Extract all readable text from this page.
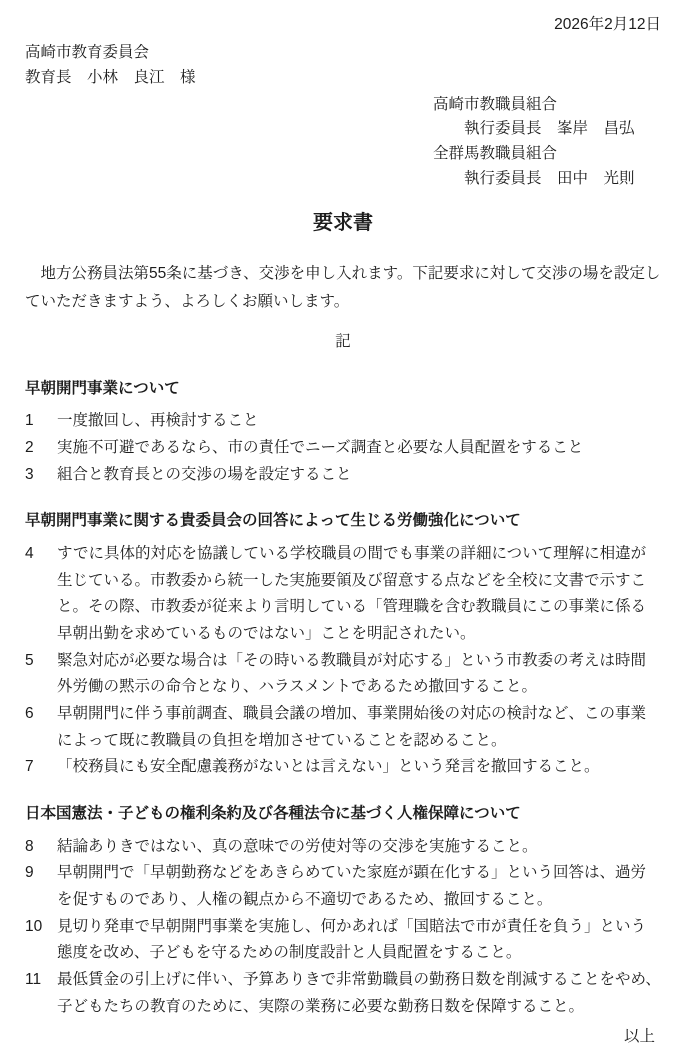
2026年2月12日
高崎市教育委員会
教育長　小林　良江　様
高崎市教職員組合
執行委員長　峯岸　昌弘
全群馬教職員組合
執行委員長　田中　光則
要求書

　地方公務員法第55条に基づき、交渉を申し入れます。下記要求に対して交渉の場を設定していただきますよう、よろしくお願いします。

記
早朝開門事業について
1	一度撤回し、再検討すること
2	実施不可避であるなら、市の責任でニーズ調査と必要な人員配置をすること
3	組合と教育長との交渉の場を設定すること
早朝開門事業に関する貴委員会の回答によって生じる労働強化について
4	すでに具体的対応を協議している学校職員の間でも事業の詳細について理解に相違が生じている。市教委から統一した実施要領及び留意する点などを全校に文書で示すこと。その際、市教委が従来より言明している「管理職を含む教職員にこの事業に係る早朝出勤を求めているものではない」ことを明記されたい。
5	緊急対応が必要な場合は「その時いる教職員が対応する」という市教委の考えは時間外労働の黙示の命令となり、ハラスメントであるため撤回すること。
6	早朝開門に伴う事前調査、職員会議の増加、事業開始後の対応の検討など、この事業によって既に教職員の負担を増加させていることを認めること。
7	「校務員にも安全配慮義務がないとは言えない」という発言を撤回すること。
日本国憲法・子どもの権利条約及び各種法令に基づく人権保障について
8	結論ありきではない、真の意味での労使対等の交渉を実施すること。
9	早朝開門で「早朝勤務などをあきらめていた家庭が顕在化する」という回答は、過労を促すものであり、人権の観点から不適切であるため、撤回すること。
10 見切り発車で早朝開門事業を実施し、何かあれば「国賠法で市が責任を負う」という態度を改め、子どもを守るための制度設計と人員配置をすること。
11	最低賃金の引上げに伴い、予算ありきで非常勤職員の勤務日数を削減することをやめ、子どもたちの教育のために、実際の業務に必要な勤務日数を保障すること。
以上
